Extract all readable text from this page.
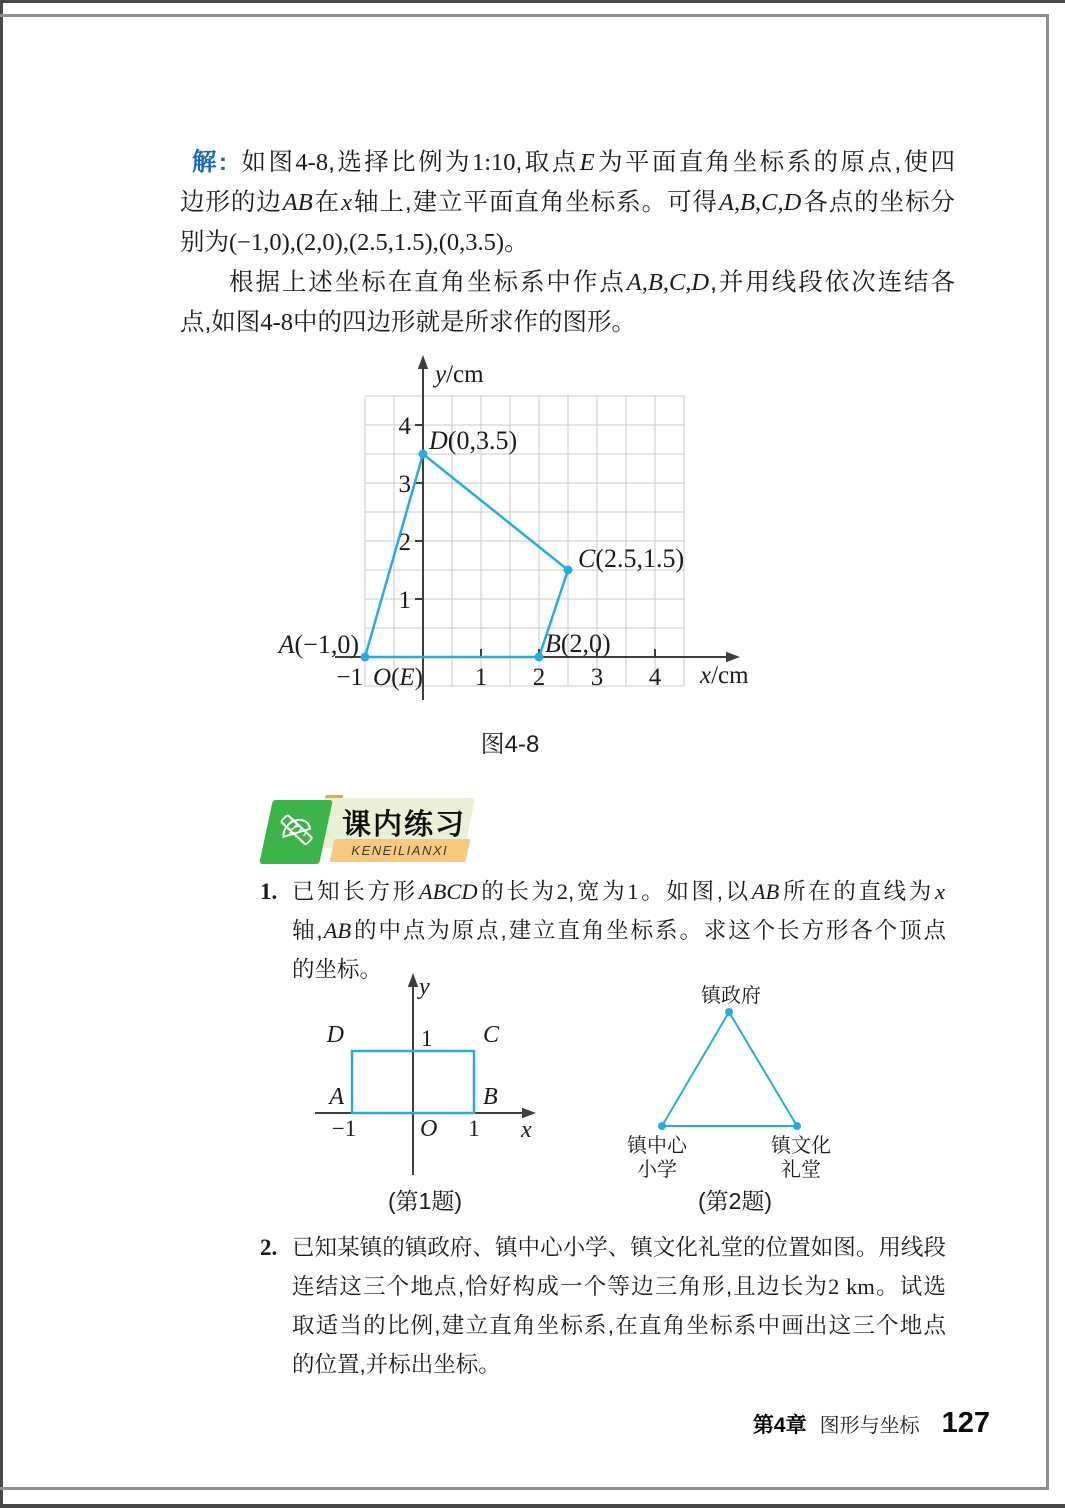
解: 如图4-8,选择比例为1:10,取点E为平面直角坐标系的原点,使四
边形的边AB在x轴上,建立平面直角坐标系。可得A,B,C,D各点的坐标分
别为(−1,0),(2,0),(2.5,1.5),(0,3.5)。
根据上述坐标在直角坐标系中作点A,B,C,D,并用线段依次连结各
点,如图4-8中的四边形就是所求作的图形。
−1	1 2 3 4
1
2
3
4
O(E)	x/cm
y/cm
A(−1,0)	B(2,0)
C(2.5,1.5)
D(0,3.5)
图4-8
KENEILIANXI
课内练习
1. 已知长方形ABCD的长为2,宽为1。如图,以AB所在的直线为x
轴,AB的中点为原点,建立直角坐标系。求这个长方形各个顶点
的坐标。
A	B
C
D
−1	1
1
O	x
y	镇政府
镇中心
小学
镇文化
礼堂
(第1题)	(第2题)
2. 已知某镇的镇政府、镇中心小学、镇文化礼堂的位置如图。用线段
连结这三个地点,恰好构成一个等边三角形,且边长为2 km。试选
取适当的比例,建立直角坐标系,在直角坐标系中画出这三个地点
的位置,并标出坐标。
第4章 图形与坐标 127
